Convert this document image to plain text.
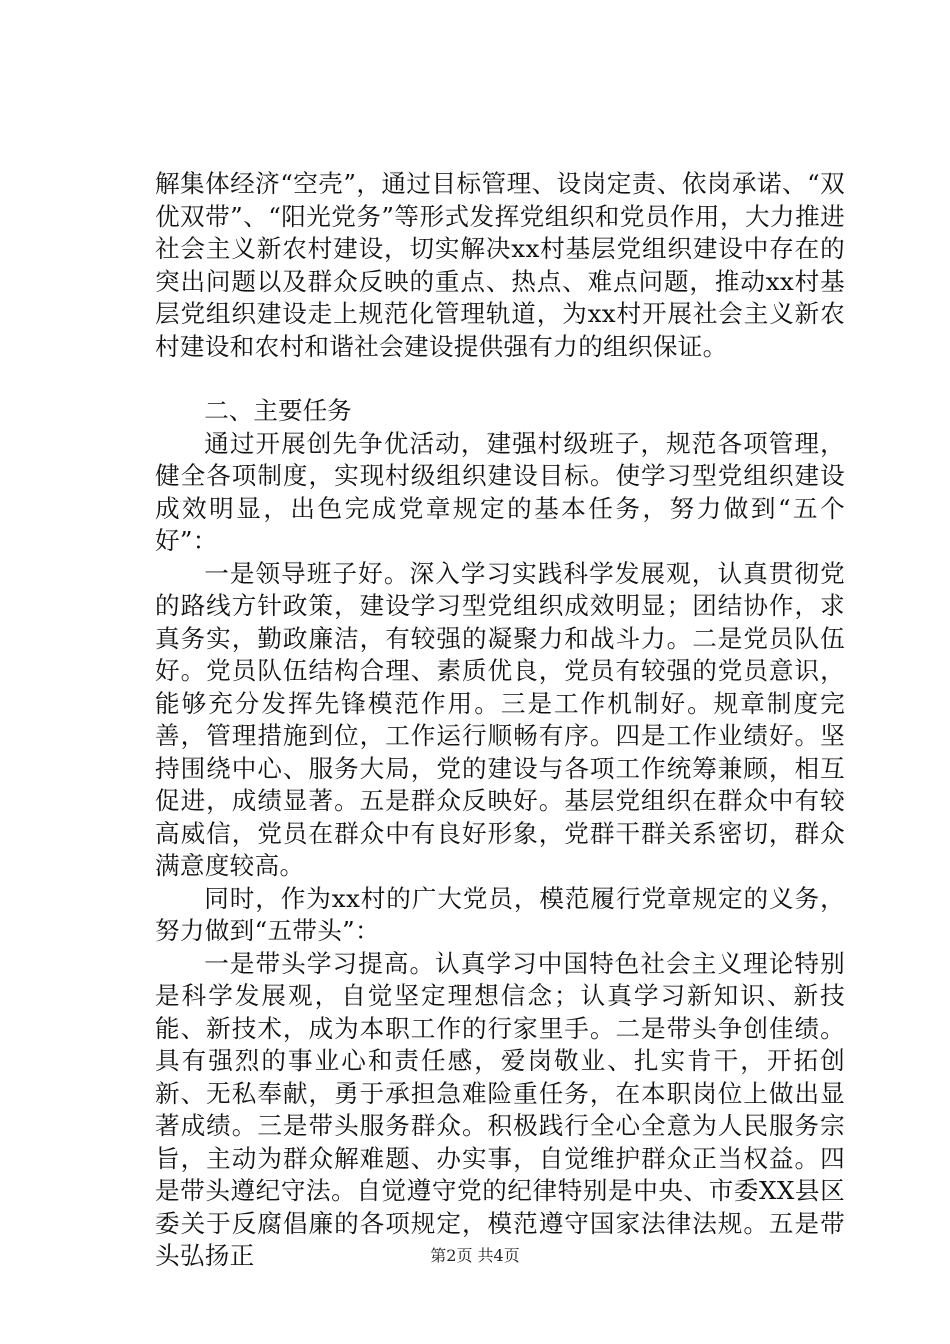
解集体经济“空壳”，通过目标管理、设岗定责、依岗承诺、“双优双带”、“阳光党务”等形式发挥党组织和党员作用，大力推进社会主义新农村建设，切实解决xx村基层党组织建设中存在的突出问题以及群众反映的重点、热点、难点问题，推动xx村基层党组织建设走上规范化管理轨道，为xx村开展社会主义新农村建设和农村和谐社会建设提供强有力的组织保证。

二、主要任务

通过开展创先争优活动，建强村级班子，规范各项管理，健全各项制度，实现村级组织建设目标。使学习型党组织建设成效明显，出色完成党章规定的基本任务，努力做到“五个好”：

一是领导班子好。深入学习实践科学发展观，认真贯彻党的路线方针政策，建设学习型党组织成效明显；团结协作，求真务实，勤政廉洁，有较强的凝聚力和战斗力。二是党员队伍好。党员队伍结构合理、素质优良，党员有较强的党员意识，能够充分发挥先锋模范作用。三是工作机制好。规章制度完善，管理措施到位，工作运行顺畅有序。四是工作业绩好。坚持围绕中心、服务大局，党的建设与各项工作统筹兼顾，相互促进，成绩显著。五是群众反映好。基层党组织在群众中有较高威信，党员在群众中有良好形象，党群干群关系密切，群众满意度较高。

同时，作为xx村的广大党员，模范履行党章规定的义务，努力做到“五带头”：

一是带头学习提高。认真学习中国特色社会主义理论特别是科学发展观，自觉坚定理想信念；认真学习新知识、新技能、新技术，成为本职工作的行家里手。二是带头争创佳绩。具有强烈的事业心和责任感，爱岗敬业、扎实肯干，开拓创新、无私奉献，勇于承担急难险重任务，在本职岗位上做出显著成绩。三是带头服务群众。积极践行全心全意为人民服务宗旨，主动为群众解难题、办实事，自觉维护群众正当权益。四是带头遵纪守法。自觉遵守党的纪律特别是中央、市委XX县区委关于反腐倡廉的各项规定，模范遵守国家法律法规。五是带头弘扬正	第2页 共4页
